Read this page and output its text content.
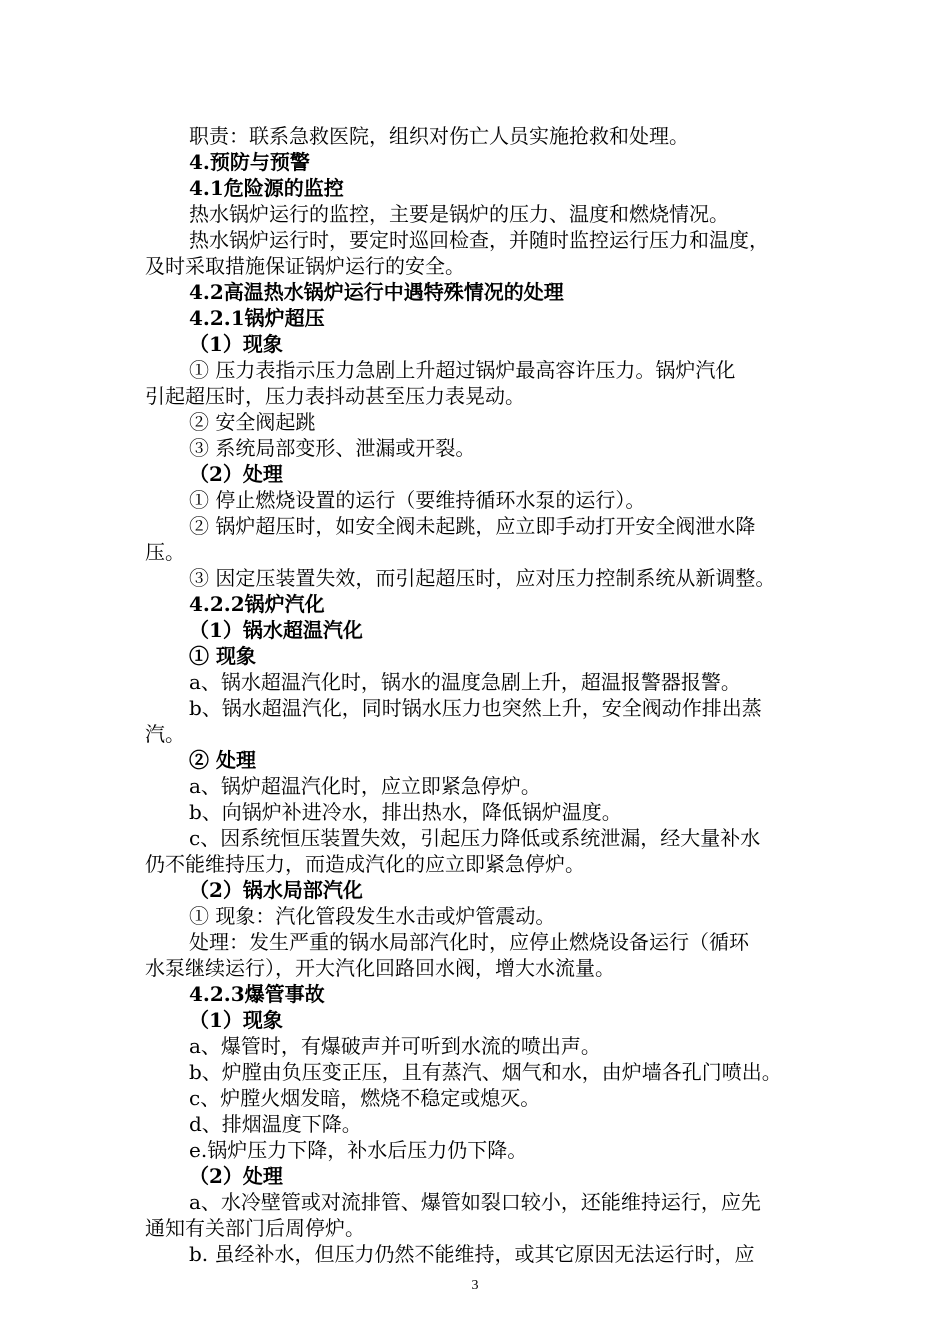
职责：联系急救医院，组织对伤亡人员实施抢救和处理。
4.预防与预警
4.1危险源的监控
热水锅炉运行的监控，主要是锅炉的压力、温度和燃烧情况。
热水锅炉运行时，要定时巡回检查，并随时监控运行压力和温度，
及时采取措施保证锅炉运行的安全。
4.2高温热水锅炉运行中遇特殊情况的处理
4.2.1锅炉超压
（1）现象
① 压力表指示压力急剧上升超过锅炉最高容许压力。锅炉汽化
引起超压时，压力表抖动甚至压力表晃动。
② 安全阀起跳
③ 系统局部变形、泄漏或开裂。
（2）处理
① 停止燃烧设置的运行（要维持循环水泵的运行）。
② 锅炉超压时，如安全阀未起跳，应立即手动打开安全阀泄水降
压。
③ 因定压装置失效，而引起超压时，应对压力控制系统从新调整。
4.2.2锅炉汽化
（1）锅水超温汽化
① 现象
a、锅水超温汽化时，锅水的温度急剧上升，超温报警器报警。
b、锅水超温汽化，同时锅水压力也突然上升，安全阀动作排出蒸
汽。
② 处理
a、锅炉超温汽化时，应立即紧急停炉。
b、向锅炉补进冷水，排出热水，降低锅炉温度。
c、因系统恒压装置失效，引起压力降低或系统泄漏，经大量补水
仍不能维持压力，而造成汽化的应立即紧急停炉。
（2）锅水局部汽化
① 现象：汽化管段发生水击或炉管震动。
处理：发生严重的锅水局部汽化时，应停止燃烧设备运行（循环
水泵继续运行），开大汽化回路回水阀，增大水流量。
4.2.3爆管事故
（1）现象
a、爆管时，有爆破声并可听到水流的喷出声。
b、炉膛由负压变正压，且有蒸汽、烟气和水，由炉墙各孔门喷出。
c、炉膛火烟发暗，燃烧不稳定或熄灭。
d、排烟温度下降。
e.锅炉压力下降，补水后压力仍下降。
（2）处理
a、水冷壁管或对流排管、爆管如裂口较小，还能维持运行，应先
通知有关部门后周停炉。
b. 虽经补水，但压力仍然不能维持，或其它原因无法运行时，应
3
